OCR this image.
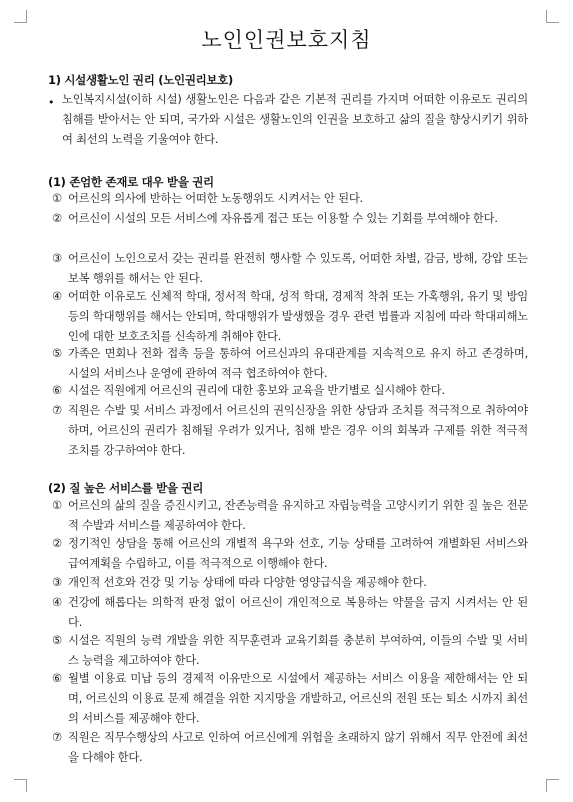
노인인권보호지침
1) 시설생활노인 권리 (노인권리보호)
• 노인복지시설(이하 시설) 생활노인은 다음과 같은 기본적 권리를 가지며 어떠한 이유로도 권리의 침해를 받아서는 안 되며, 국가와 시설은 생활노인의 인권을 보호하고 삶의 질을 향상시키기 위하여 최선의 노력을 기울여야 한다.
(1) 존엄한 존재로 대우 받을 권리
① 어르신의 의사에 반하는 어떠한 노동행위도 시켜서는 안 된다.
② 어르신이 시설의 모든 서비스에 자유롭게 접근 또는 이용할 수 있는 기회를 부여해야 한다.
③ 어르신이 노인으로서 갖는 권리를 완전히 행사할 수 있도록, 어떠한 차별, 감금, 방해, 강압 또는 보복 행위를 해서는 안 된다.
④ 어떠한 이유로도 신체적 학대, 정서적 학대, 성적 학대, 경제적 착취 또는 가혹행위, 유기 및 방임 등의 학대행위를 해서는 안되며, 학대행위가 발생했을 경우 관련 법률과 지침에 따라 학대피해노인에 대한 보호조치를 신속하게 취해야 한다.
⑤ 가족은 면회나 전화 접촉 등을 통하여 어르신과의 유대관계를 지속적으로 유지 하고 존경하며, 시설의 서비스나 운영에 관하여 적극 협조하여야 한다.
⑥ 시설은 직원에게 어르신의 권리에 대한 홍보와 교육을 반기별로 실시해야 한다.
⑦ 직원은 수발 및 서비스 과정에서 어르신의 권익신장을 위한 상담과 조치를 적극적으로 취하여야 하며, 어르신의 권리가 침해될 우려가 있거나, 침해 받은 경우 이의 회복과 구제를 위한 적극적 조치를 강구하여야 한다.
(2) 질 높은 서비스를 받을 권리
① 어르신의 삶의 질을 증진시키고, 잔존능력을 유지하고 자립능력을 고양시키기 위한 질 높은 전문적 수발과 서비스를 제공하여야 한다.
② 정기적인 상담을 통해 어르신의 개별적 욕구와 선호, 기능 상태를 고려하여 개별화된 서비스와 급여계획을 수립하고, 이를 적극적으로 이행해야 한다.
③ 개인적 선호와 건강 및 기능 상태에 따라 다양한 영양급식을 제공해야 한다.
④ 건강에 해롭다는 의학적 판정 없이 어르신이 개인적으로 복용하는 약물을 금지 시켜서는 안 된다.
⑤ 시설은 직원의 능력 개발을 위한 직무훈련과 교육기회를 충분히 부여하여, 이들의 수발 및 서비스 능력을 제고하여야 한다.
⑥ 월별 이용료 미납 등의 경제적 이유만으로 시설에서 제공하는 서비스 이용을 제한해서는 안 되며, 어르신의 이용료 문제 해결을 위한 지지망을 개발하고, 어르신의 전원 또는 퇴소 시까지 최선의 서비스를 제공해야 한다.
⑦ 직원은 직무수행상의 사고로 인하여 어르신에게 위험을 초래하지 않기 위해서 직무 안전에 최선을 다해야 한다.
